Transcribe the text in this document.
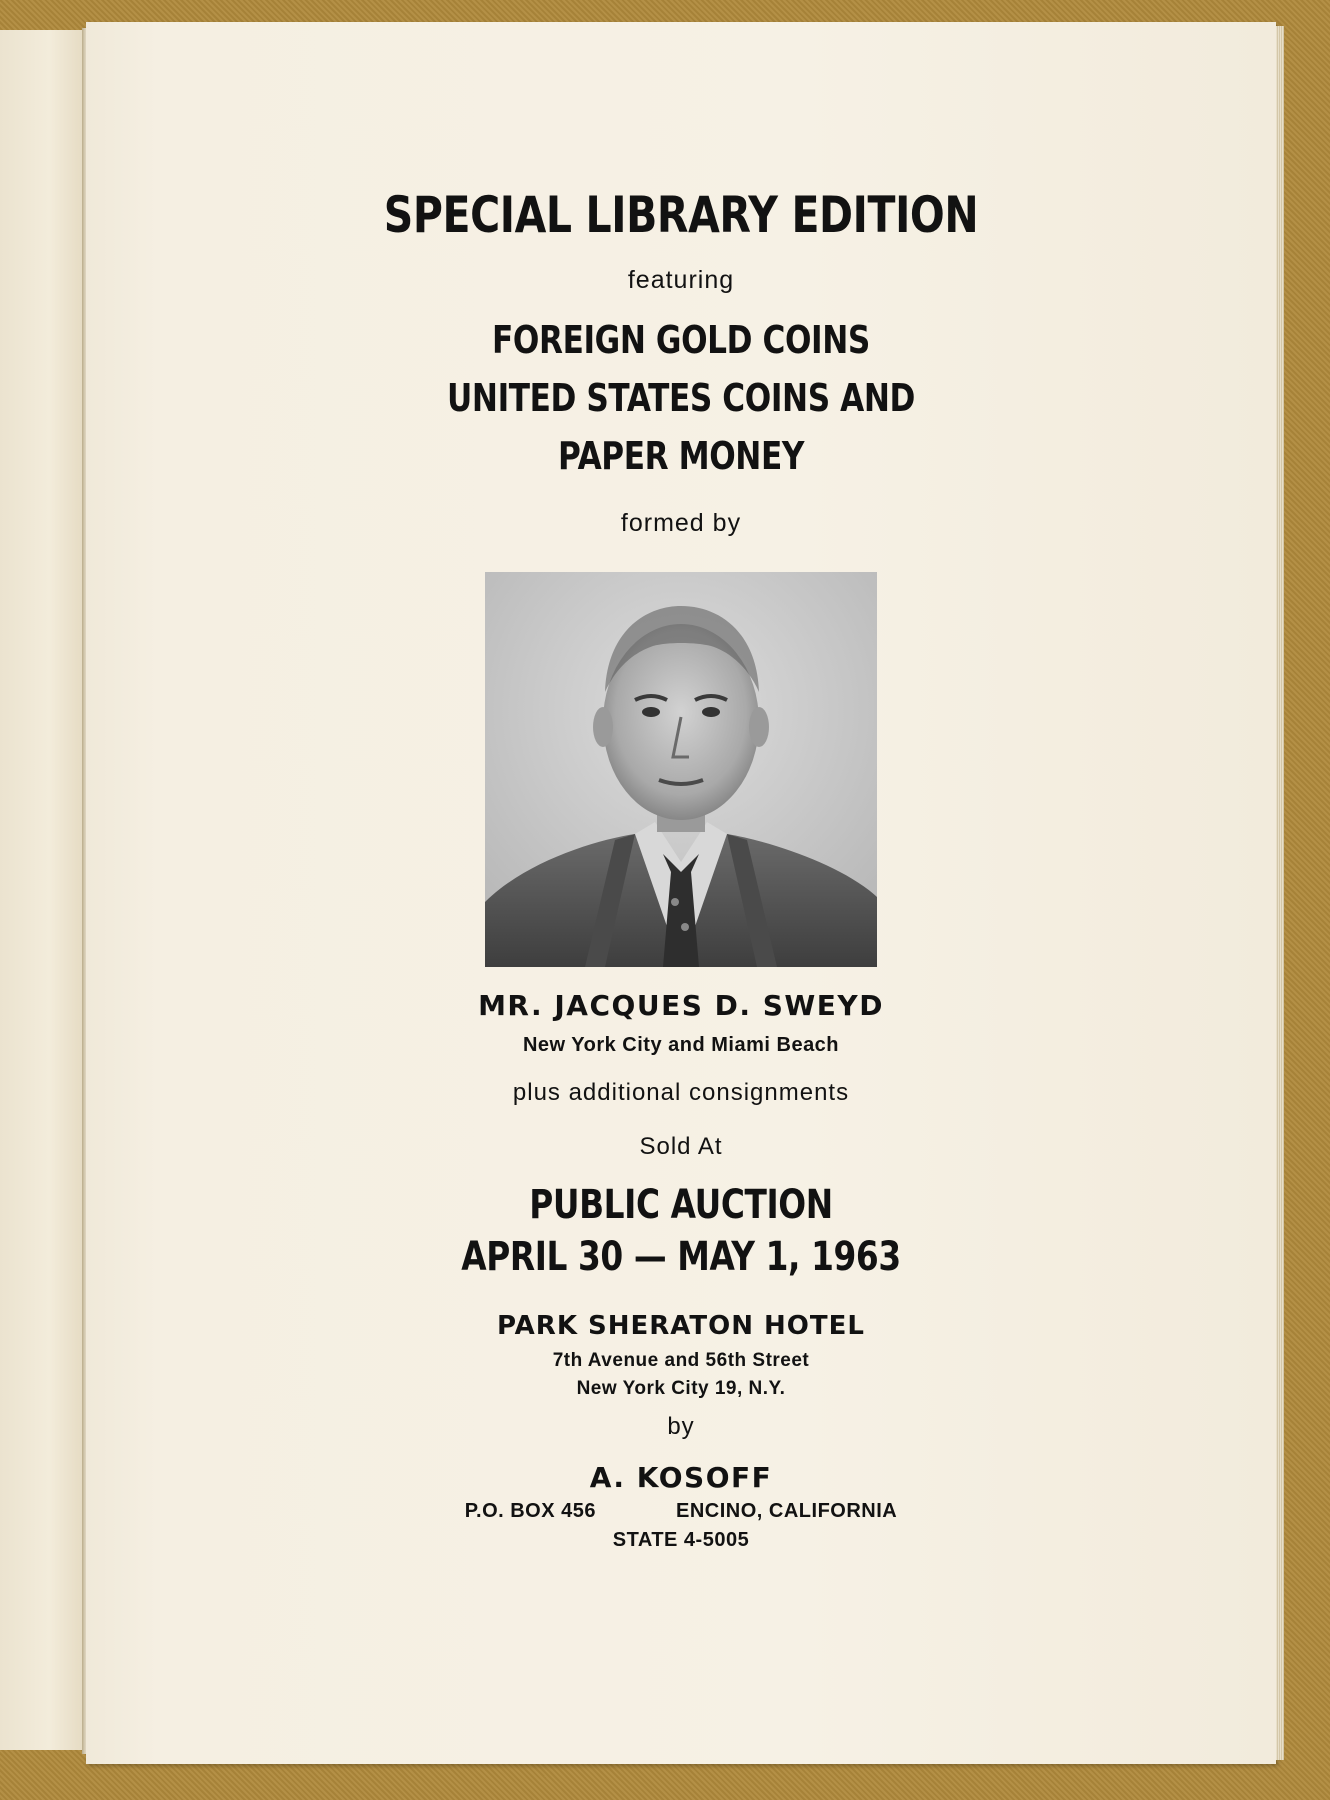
SPECIAL LIBRARY EDITION
featuring
FOREIGN GOLD COINS
UNITED STATES COINS AND
PAPER MONEY
formed by
MR. JACQUES D. SWEYD
New York City and Miami Beach
plus additional consignments
Sold At
PUBLIC AUCTION
APRIL 30 — MAY 1, 1963
PARK SHERATON HOTEL
7th Avenue and 56th Street
New York City 19, N.Y.
by
A. KOSOFF
P.O. BOX 456	ENCINO, CALIFORNIA
STATE 4-5005
